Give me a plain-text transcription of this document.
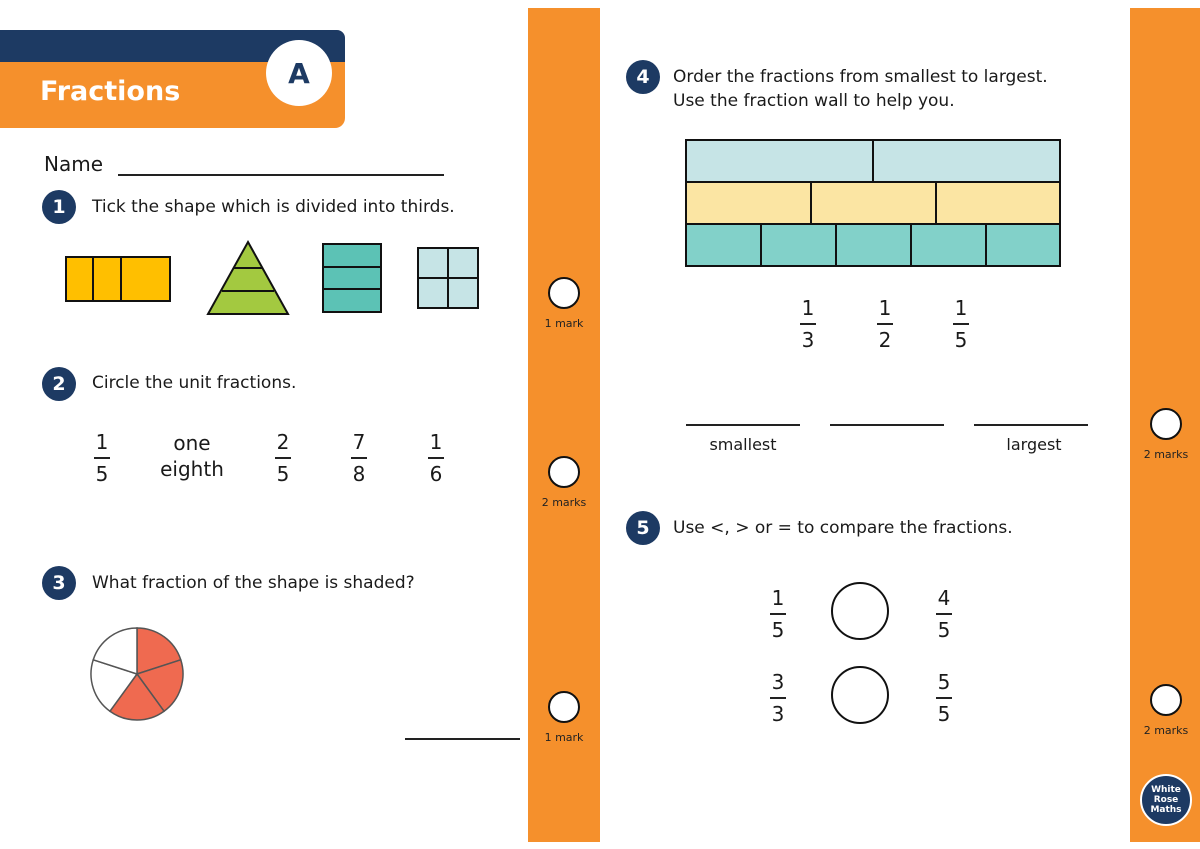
Fractions
A
Name
1	Tick the shape which is divided into thirds.
2	Circle the unit fractions.
1
5
one
eighth
2
5
7
8
1
6
3	What fraction of the shape is shaded?
1 mark
2 marks
1 mark
4	Order the fractions from smallest to largest.
Use the fraction wall to help you.
1
3
1
2
1
5
smallest	largest
5	Use <, > or = to compare the fractions.
1
5
4
5
3
3
5
5
2 marks
2 marks
White
Rose
Maths
